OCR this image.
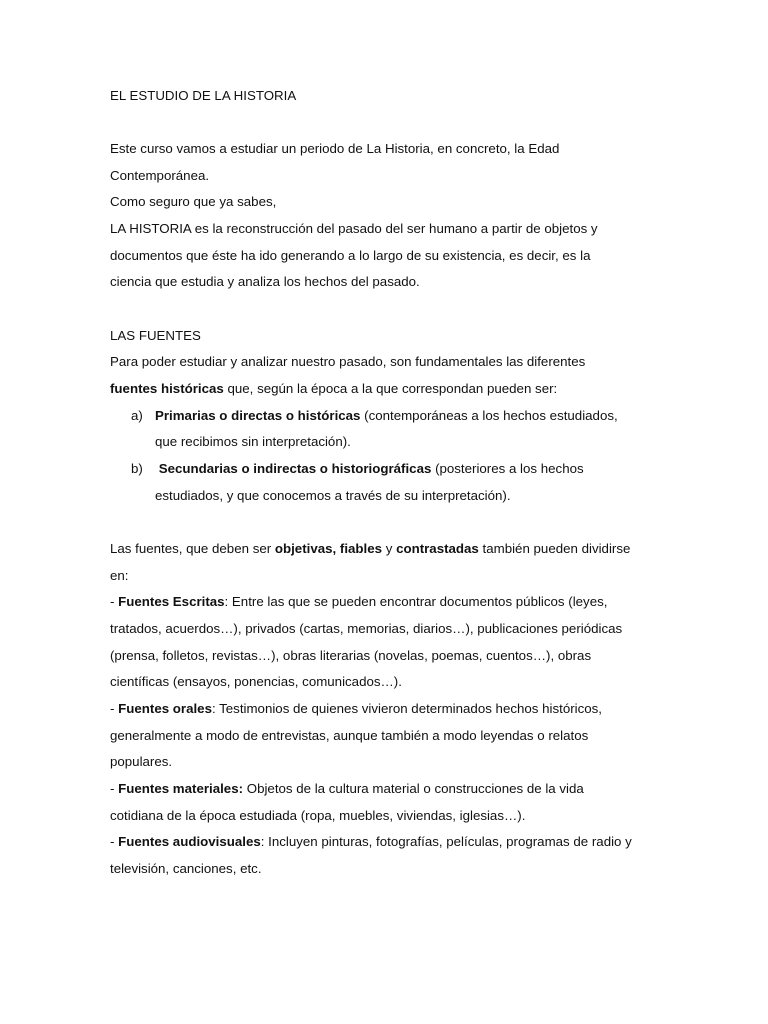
EL ESTUDIO DE LA HISTORIA
Este curso vamos a estudiar un periodo de La Historia, en concreto, la Edad
Contemporánea.
Como seguro que ya sabes,
LA HISTORIA es la reconstrucción del pasado del ser humano a partir de objetos y
documentos que éste ha ido generando a lo largo de su existencia, es decir, es la
ciencia que estudia y analiza los hechos del pasado.
LAS FUENTES
Para poder estudiar y analizar nuestro pasado, son fundamentales las diferentes
fuentes históricas que, según la época a la que correspondan pueden ser:
a) Primarias o directas o históricas (contemporáneas a los hechos estudiados,
que recibimos sin interpretación).
b) Secundarias o indirectas o historiográficas (posteriores a los hechos
estudiados, y que conocemos a través de su interpretación).
Las fuentes, que deben ser objetivas, fiables y contrastadas también pueden dividirse
en:
- Fuentes Escritas: Entre las que se pueden encontrar documentos públicos (leyes,
tratados, acuerdos…), privados (cartas, memorias, diarios…), publicaciones periódicas
(prensa, folletos, revistas…), obras literarias (novelas, poemas, cuentos…), obras
científicas (ensayos, ponencias, comunicados…).
- Fuentes orales: Testimonios de quienes vivieron determinados hechos históricos,
generalmente a modo de entrevistas, aunque también a modo leyendas o relatos
populares.
- Fuentes materiales: Objetos de la cultura material o construcciones de la vida
cotidiana de la época estudiada (ropa, muebles, viviendas, iglesias…).
- Fuentes audiovisuales: Incluyen pinturas, fotografías, películas, programas de radio y
televisión, canciones, etc.
